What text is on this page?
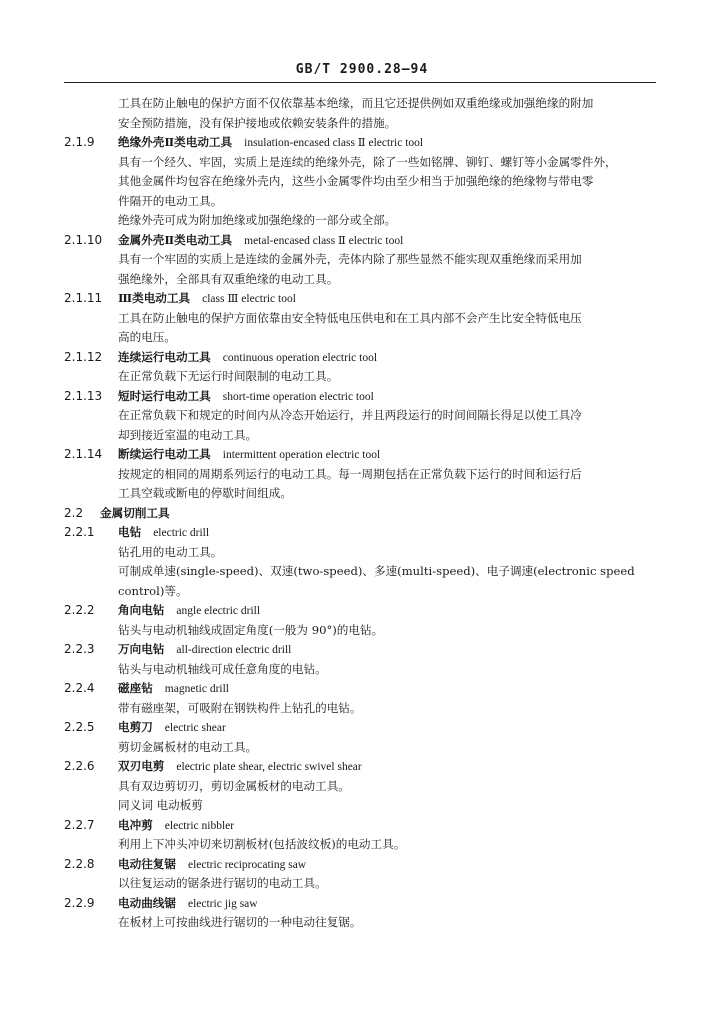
GB/T 2900.28—94
工具在防止触电的保护方面不仅依靠基本绝缘，而且它还提供例如双重绝缘或加强绝缘的附加
安全预防措施，没有保护接地或依赖安装条件的措施。
2.1.9 绝缘外壳Ⅱ类电动工具 insulation-encased class Ⅱ electric tool
具有一个经久、牢固，实质上是连续的绝缘外壳，除了一些如铭牌、铆钉、螺钉等小金属零件外，
其他金属件均包容在绝缘外壳内，这些小金属零件均由至少相当于加强绝缘的绝缘物与带电零
件隔开的电动工具。
绝缘外壳可成为附加绝缘或加强绝缘的一部分或全部。
2.1.10 金属外壳Ⅱ类电动工具 metal-encased class Ⅱ electric tool
具有一个牢固的实质上是连续的金属外壳，壳体内除了那些显然不能实现双重绝缘而采用加
强绝缘外，全部具有双重绝缘的电动工具。
2.1.11 Ⅲ类电动工具 class Ⅲ electric tool
工具在防止触电的保护方面依靠由安全特低电压供电和在工具内部不会产生比安全特低电压
高的电压。
2.1.12 连续运行电动工具 continuous operation electric tool
在正常负载下无运行时间限制的电动工具。
2.1.13 短时运行电动工具 short-time operation electric tool
在正常负载下和规定的时间内从冷态开始运行，并且两段运行的时间间隔长得足以使工具冷
却到接近室温的电动工具。
2.1.14 断续运行电动工具 intermittent operation electric tool
按规定的相同的周期系列运行的电动工具。每一周期包括在正常负载下运行的时间和运行后
工具空载或断电的停歇时间组成。
2.2 金属切削工具
2.2.1 电钻 electric drill
钻孔用的电动工具。
可制成单速(single-speed)、双速(two-speed)、多速(multi-speed)、电子调速(electronic speed
control)等。
2.2.2 角向电钻 angle electric drill
钻头与电动机轴线成固定角度(一般为 90°)的电钻。
2.2.3 万向电钻 all-direction electric drill
钻头与电动机轴线可成任意角度的电钻。
2.2.4 磁座钻 magnetic drill
带有磁座架，可吸附在钢铁构件上钻孔的电钻。
2.2.5 电剪刀 electric shear
剪切金属板材的电动工具。
2.2.6 双刃电剪 electric plate shear, electric swivel shear
具有双边剪切刃，剪切金属板材的电动工具。
同义词 电动板剪
2.2.7 电冲剪 electric nibbler
利用上下冲头冲切来切割板材(包括波纹板)的电动工具。
2.2.8 电动往复锯 electric reciprocating saw
以往复运动的锯条进行锯切的电动工具。
2.2.9 电动曲线锯 electric jig saw
在板材上可按曲线进行锯切的一种电动往复锯。
